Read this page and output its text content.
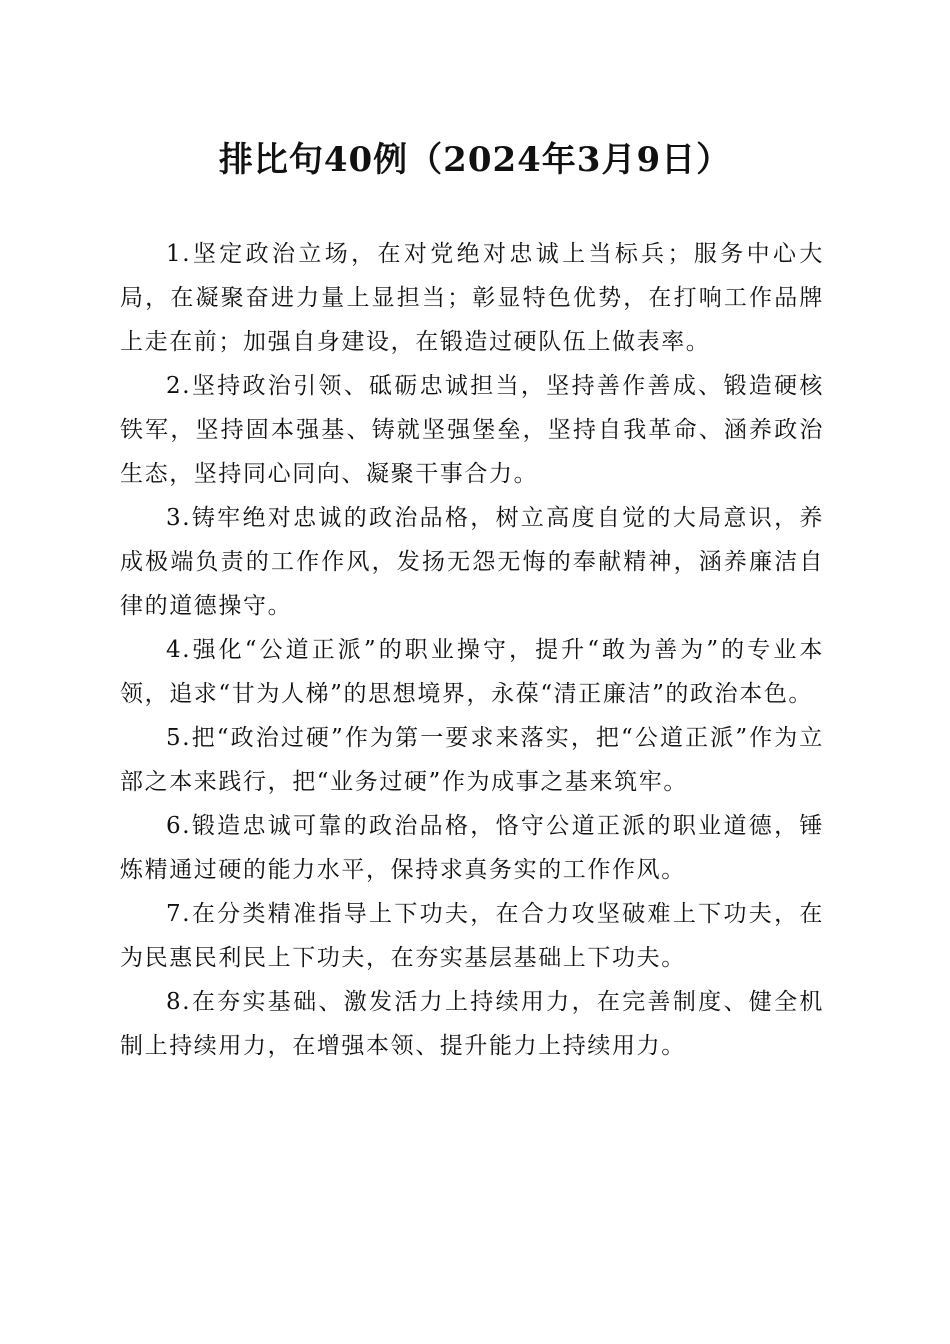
排比句40例（2024年3月9日）

1.坚定政治立场，在对党绝对忠诚上当标兵；服务中心大局，在凝聚奋进力量上显担当；彰显特色优势，在打响工作品牌上走在前；加强自身建设，在锻造过硬队伍上做表率。

2.坚持政治引领、砥砺忠诚担当，坚持善作善成、锻造硬核铁军，坚持固本强基、铸就坚强堡垒，坚持自我革命、涵养政治生态，坚持同心同向、凝聚干事合力。

3.铸牢绝对忠诚的政治品格，树立高度自觉的大局意识，养成极端负责的工作作风，发扬无怨无悔的奉献精神，涵养廉洁自律的道德操守。

4.强化“公道正派”的职业操守，提升“敢为善为”的专业本领，追求“甘为人梯”的思想境界，永葆“清正廉洁”的政治本色。

5.把“政治过硬”作为第一要求来落实，把“公道正派”作为立部之本来践行，把“业务过硬”作为成事之基来筑牢。

6.锻造忠诚可靠的政治品格，恪守公道正派的职业道德，锤炼精通过硬的能力水平，保持求真务实的工作作风。

7.在分类精准指导上下功夫，在合力攻坚破难上下功夫，在为民惠民利民上下功夫，在夯实基层基础上下功夫。

8.在夯实基础、激发活力上持续用力，在完善制度、健全机制上持续用力，在增强本领、提升能力上持续用力。
